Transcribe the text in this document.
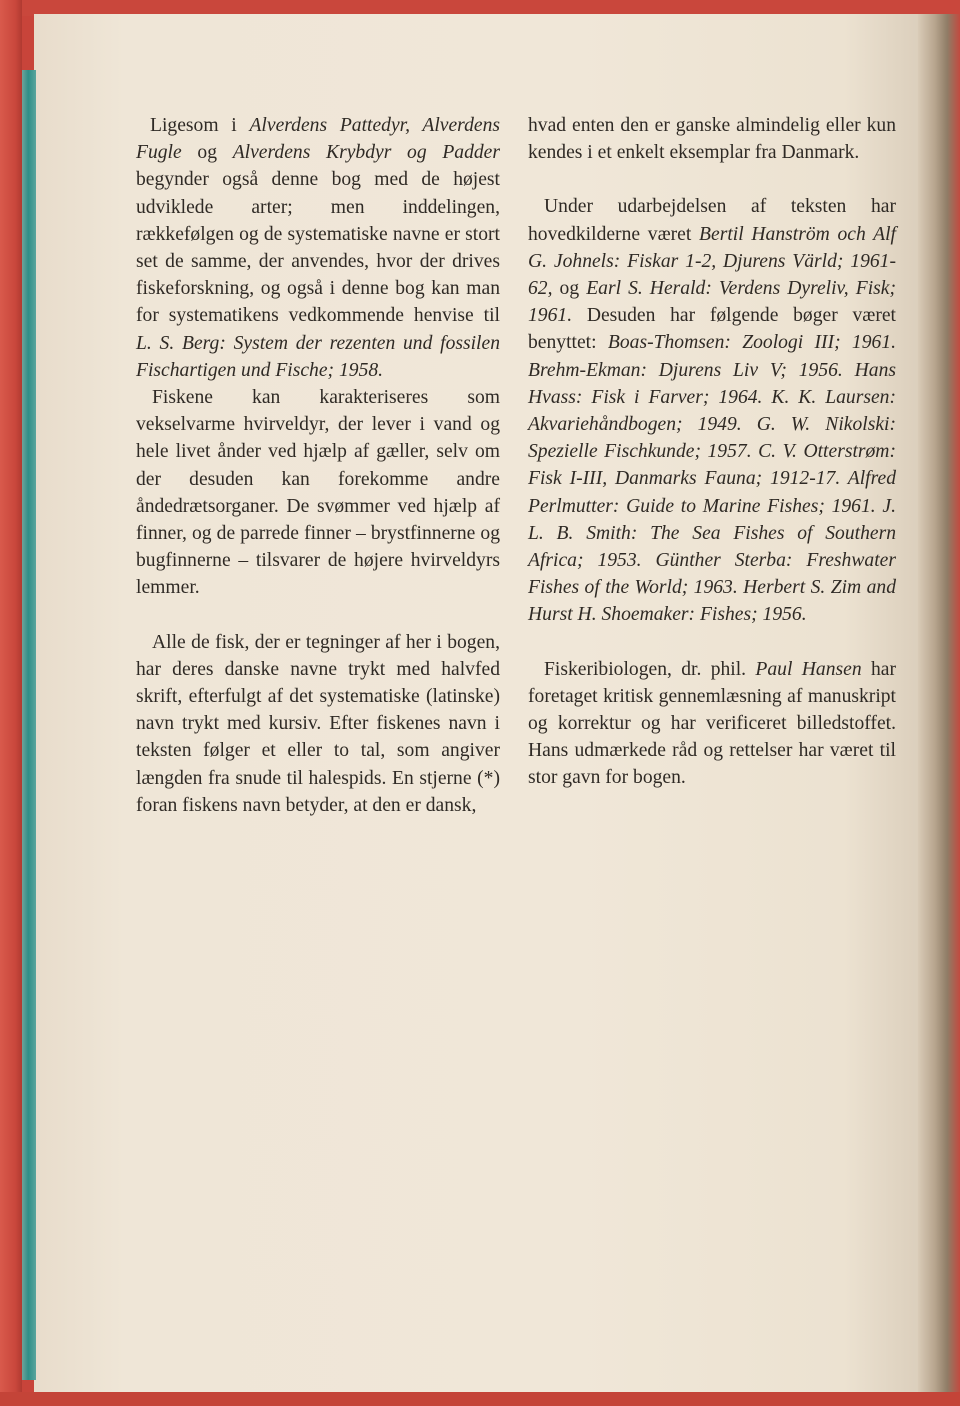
Ligesom i Alverdens Pattedyr, Alverdens Fugle og Alverdens Krybdyr og Padder begynder også denne bog med de højest udviklede arter; men inddelingen, rækkefølgen og de systematiske navne er stort set de samme, der anvendes, hvor der drives fiskeforskning, og også i denne bog kan man for systematikens vedkommende henvise til L. S. Berg: System der rezenten und fossilen Fischartigen und Fische; 1958.

Fiskene kan karakteriseres som vekselvarme hvirveldyr, der lever i vand og hele livet ånder ved hjælp af gæller, selv om der desuden kan forekomme andre åndedrætsorganer. De svømmer ved hjælp af finner, og de parrede finner – brystfinnerne og bugfinnerne – tilsvarer de højere hvirveldyrs lemmer.

Alle de fisk, der er tegninger af her i bogen, har deres danske navne trykt med halvfed skrift, efterfulgt af det systematiske (latinske) navn trykt med kursiv. Efter fiskenes navn i teksten følger et eller to tal, som angiver længden fra snude til halespids. En stjerne (*) foran fiskens navn betyder, at den er dansk,

hvad enten den er ganske almindelig eller kun kendes i et enkelt eksemplar fra Danmark.

Under udarbejdelsen af teksten har hovedkilderne været Bertil Hanström och Alf G. Johnels: Fiskar 1-2, Djurens Värld; 1961-62, og Earl S. Herald: Verdens Dyreliv, Fisk; 1961. Desuden har følgende bøger været benyttet: Boas-Thomsen: Zoologi III; 1961. Brehm-Ekman: Djurens Liv V; 1956. Hans Hvass: Fisk i Farver; 1964. K. K. Laursen: Akvariehåndbogen; 1949. G. W. Nikolski: Spezielle Fischkunde; 1957. C. V. Otterstrøm: Fisk I-III, Danmarks Fauna; 1912-17. Alfred Perlmutter: Guide to Marine Fishes; 1961. J. L. B. Smith: The Sea Fishes of Southern Africa; 1953. Günther Sterba: Freshwater Fishes of the World; 1963. Herbert S. Zim and Hurst H. Shoemaker: Fishes; 1956.

Fiskeribiologen, dr. phil. Paul Hansen har foretaget kritisk gennemlæsning af manuskript og korrektur og har verificeret billedstoffet. Hans udmærkede råd og rettelser har været til stor gavn for bogen.
